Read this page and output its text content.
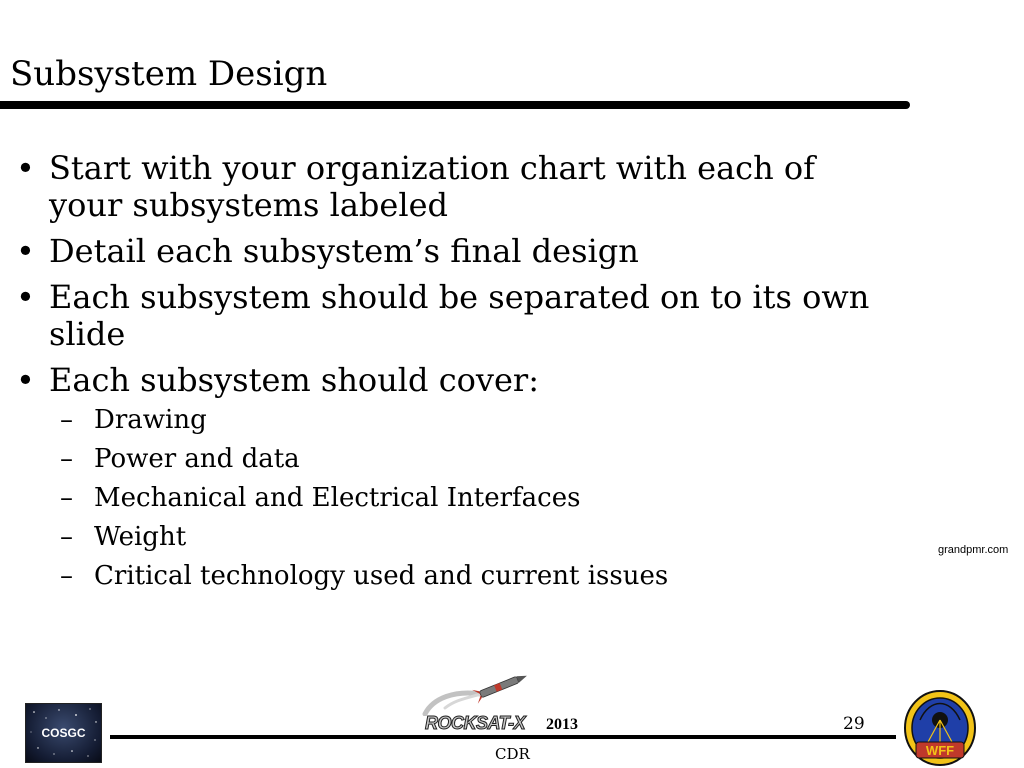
Subsystem Design
• Start with your organization chart with each of your subsystems labeled
• Detail each subsystem’s final design
• Each subsystem should be separated on to its own slide
• Each subsystem should cover:
– Drawing
– Power and data
– Mechanical and Electrical Interfaces
– Weight
– Critical technology used and current issues
grandpmr.com
COSGC	ROCKSAT-X 2013	29
CDR	WFF
